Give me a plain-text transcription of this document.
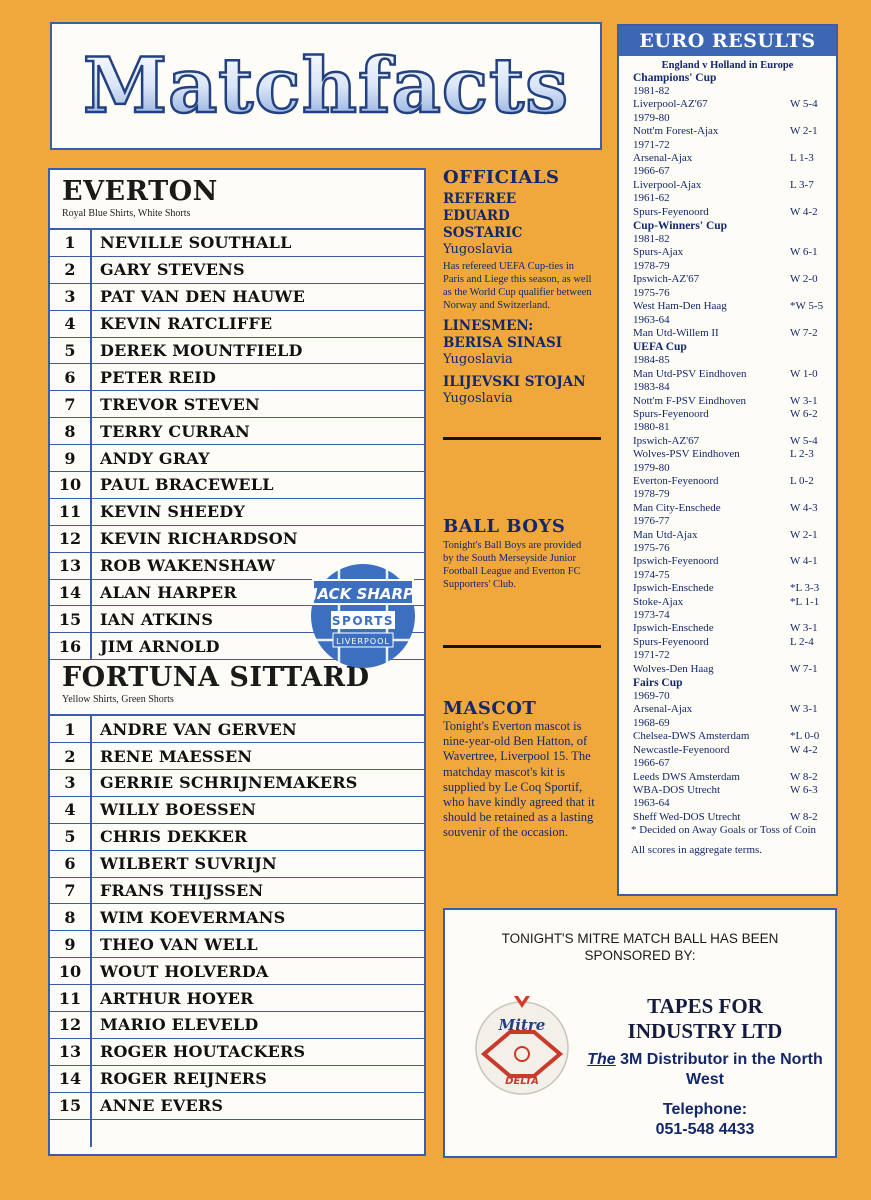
Matchfacts
EVERTON
Royal Blue Shirts, White Shorts
1	NEVILLE SOUTHALL
2	GARY STEVENS
3	PAT VAN DEN HAUWE
4	KEVIN RATCLIFFE
5	DEREK MOUNTFIELD
6	PETER REID
7	TREVOR STEVEN
8	TERRY CURRAN
9	ANDY GRAY
10	PAUL BRACEWELL
11	KEVIN SHEEDY
12	KEVIN RICHARDSON
13	ROB WAKENSHAW
14	ALAN HARPER
15	IAN ATKINS
16	JIM ARNOLD
FORTUNA SITTARD
Yellow Shirts, Green Shorts
1	ANDRE VAN GERVEN
2	RENE MAESSEN
3	GERRIE SCHRIJNEMAKERS
4	WILLY BOESSEN
5	CHRIS DEKKER
6	WILBERT SUVRIJN
7	FRANS THIJSSEN
8	WIM KOEVERMANS
9	THEO VAN WELL
10	WOUT HOLVERDA
11	ARTHUR HOYER
12	MARIO ELEVELD
13	ROGER HOUTACKERS
14	ROGER REIJNERS
15	ANNE EVERS
JACK SHARP
SPORTS
LIVERPOOL
OFFICIALS
REFEREE
EDUARD
SOSTARIC
Yugoslavia
Has refereed UEFA Cup-ties in Paris and Liege this season, as well as the World Cup qualifier between Norway and Switzerland.
LINESMEN:
BERISA SINASI
Yugoslavia
ILIJEVSKI STOJAN
Yugoslavia
BALL BOYS
Tonight's Ball Boys are provided by the South Merseyside Junior Football League and Everton FC Supporters' Club.
MASCOT
Tonight's Everton mascot is nine-year-old Ben Hatton, of Wavertree, Liverpool 15. The matchday mascot's kit is supplied by Le Coq Sportif, who have kindly agreed that it should be retained as a lasting souvenir of the occasion.
EURO RESULTS
England v Holland in Europe
Champions' Cup
1981-82
Liverpool-AZ'67	W 5-4
1979-80
Nott'm Forest-Ajax	W 2-1
1971-72
Arsenal-Ajax	L 1-3
1966-67
Liverpool-Ajax	L 3-7
1961-62
Spurs-Feyenoord	W 4-2
Cup-Winners' Cup
1981-82
Spurs-Ajax	W 6-1
1978-79
Ipswich-AZ'67	W 2-0
1975-76
West Ham-Den Haag	*W 5-5
1963-64
Man Utd-Willem II	W 7-2
UEFA Cup
1984-85
Man Utd-PSV Eindhoven	W 1-0
1983-84
Nott'm F-PSV Eindhoven	W 3-1
Spurs-Feyenoord	W 6-2
1980-81
Ipswich-AZ'67	W 5-4
Wolves-PSV Eindhoven	L 2-3
1979-80
Everton-Feyenoord	L 0-2
1978-79
Man City-Enschede	W 4-3
1976-77
Man Utd-Ajax	W 2-1
1975-76
Ipswich-Feyenoord	W 4-1
1974-75
Ipswich-Enschede	*L 3-3
Stoke-Ajax	*L 1-1
1973-74
Ipswich-Enschede	W 3-1
Spurs-Feyenoord	L 2-4
1971-72
Wolves-Den Haag	W 7-1
Fairs Cup
1969-70
Arsenal-Ajax	W 3-1
1968-69
Chelsea-DWS Amsterdam	*L 0-0
Newcastle-Feyenoord	W 4-2
1966-67
Leeds DWS Amsterdam	W 8-2
WBA-DOS Utrecht	W 6-3
1963-64
Sheff Wed-DOS Utrecht	W 8-2
* Decided on Away Goals or Toss of Coin
All scores in aggregate terms.
TONIGHT'S MITRE MATCH BALL HAS BEEN SPONSORED BY:
Mitre
DELTA
TAPES FOR
INDUSTRY LTD
The 3M Distributor in the North West
Telephone:
051-548 4433
